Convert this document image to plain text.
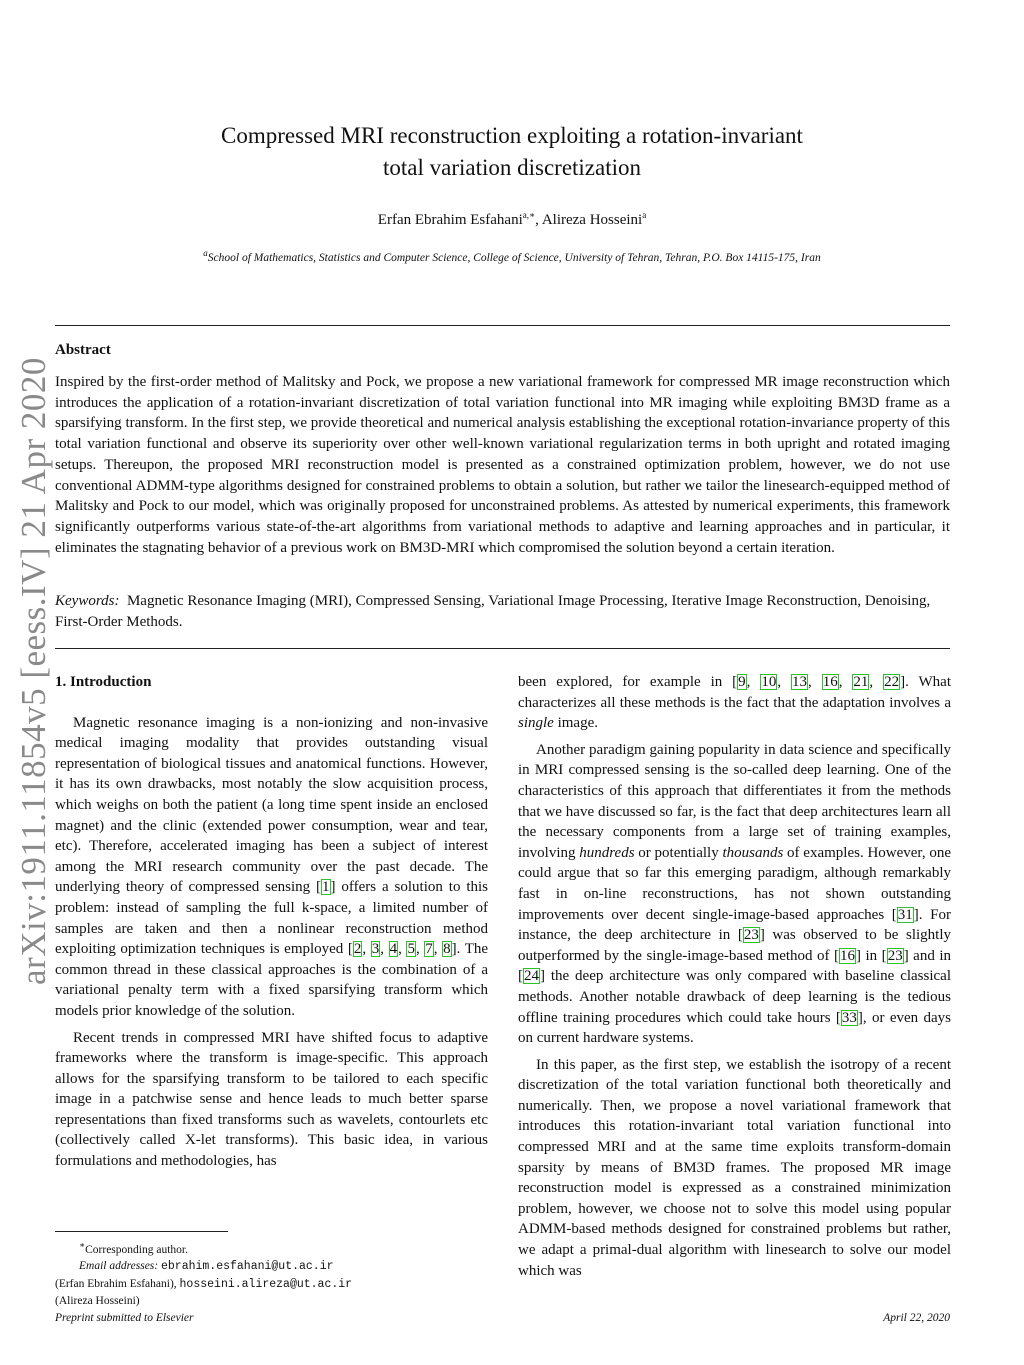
arXiv:1911.11854v5 [eess.IV] 21 Apr 2020
Compressed MRI reconstruction exploiting a rotation-invariant
total variation discretization
Erfan Ebrahim Esfahani$^{a,∗}$, Alireza Hosseini$^a$
$^a$School of Mathematics, Statistics and Computer Science, College of Science, University of Tehran, Tehran, P.O. Box 14115-175, Iran
Abstract
Inspired by the first-order method of Malitsky and Pock, we propose a new variational framework for compressed MR image reconstruction which introduces the application of a rotation-invariant discretization of total variation functional into MR imaging while exploiting BM3D frame as a sparsifying transform. In the first step, we provide theoretical and numerical analysis establishing the exceptional rotation-invariance property of this total variation functional and observe its superiority over other well-known variational regularization terms in both upright and rotated imaging setups. Thereupon, the proposed MRI reconstruction model is presented as a constrained optimization problem, however, we do not use conventional ADMM-type algorithms designed for constrained problems to obtain a solution, but rather we tailor the linesearch-equipped method of Malitsky and Pock to our model, which was originally proposed for unconstrained problems. As attested by numerical experiments, this framework significantly outperforms various state-of-the-art algorithms from variational methods to adaptive and learning approaches and in particular, it eliminates the stagnating behavior of a previous work on BM3D-MRI which compromised the solution beyond a certain iteration.
Keywords: Magnetic Resonance Imaging (MRI), Compressed Sensing, Variational Image Processing, Iterative Image Reconstruction, Denoising, First-Order Methods.
1. Introduction

Magnetic resonance imaging is a non-ionizing and non-invasive medical imaging modality that provides outstanding visual representation of biological tissues and anatomical functions. However, it has its own drawbacks, most notably the slow acquisition process, which weighs on both the patient (a long time spent inside an enclosed magnet) and the clinic (extended power consumption, wear and tear, etc). Therefore, accelerated imaging has been a subject of interest among the MRI research community over the past decade. The underlying theory of compressed sensing [1] offers a solution to this problem: instead of sampling the full k-space, a limited number of samples are taken and then a nonlinear reconstruction method exploiting optimization techniques is employed [2, 3, 4, 5, 7, 8]. The common thread in these classical approaches is the combination of a variational penalty term with a fixed sparsifying transform which models prior knowledge of the solution.

Recent trends in compressed MRI have shifted focus to adaptive frameworks where the transform is image-specific. This approach allows for the sparsifying transform to be tailored to each specific image in a patchwise sense and hence leads to much better sparse representations than fixed transforms such as wavelets, contourlets etc (collectively called X-let transforms). This basic idea, in various formulations and methodologies, has

been explored, for example in [9, 10, 13, 16, 21, 22]. What characterizes all these methods is the fact that the adaptation involves a single image.

Another paradigm gaining popularity in data science and specifically in MRI compressed sensing is the so-called deep learning. One of the characteristics of this approach that differentiates it from the methods that we have discussed so far, is the fact that deep architectures learn all the necessary components from a large set of training examples, involving hundreds or potentially thousands of examples. However, one could argue that so far this emerging paradigm, although remarkably fast in on-line reconstructions, has not shown outstanding improvements over decent single-image-based approaches [31]. For instance, the deep architecture in [23] was observed to be slightly outperformed by the single-image-based method of [16] in [23] and in [24] the deep architecture was only compared with baseline classical methods. Another notable drawback of deep learning is the tedious offline training procedures which could take hours [33], or even days on current hardware systems.

In this paper, as the first step, we establish the isotropy of a recent discretization of the total variation functional both theoretically and numerically. Then, we propose a novel variational framework that introduces this rotation-invariant total variation functional into compressed MRI and at the same time exploits transform-domain sparsity by means of BM3D frames. The proposed MR image reconstruction model is expressed as a constrained minimization problem, however, we choose not to solve this model using popular ADMM-based methods designed for constrained problems but rather, we adapt a primal-dual algorithm with linesearch to solve our model which was

∗Corresponding author.
Email addresses: ebrahim.esfahani@ut.ac.ir
(Erfan Ebrahim Esfahani), hosseini.alireza@ut.ac.ir
(Alireza Hosseini)
Preprint submitted to Elsevier	April 22, 2020
